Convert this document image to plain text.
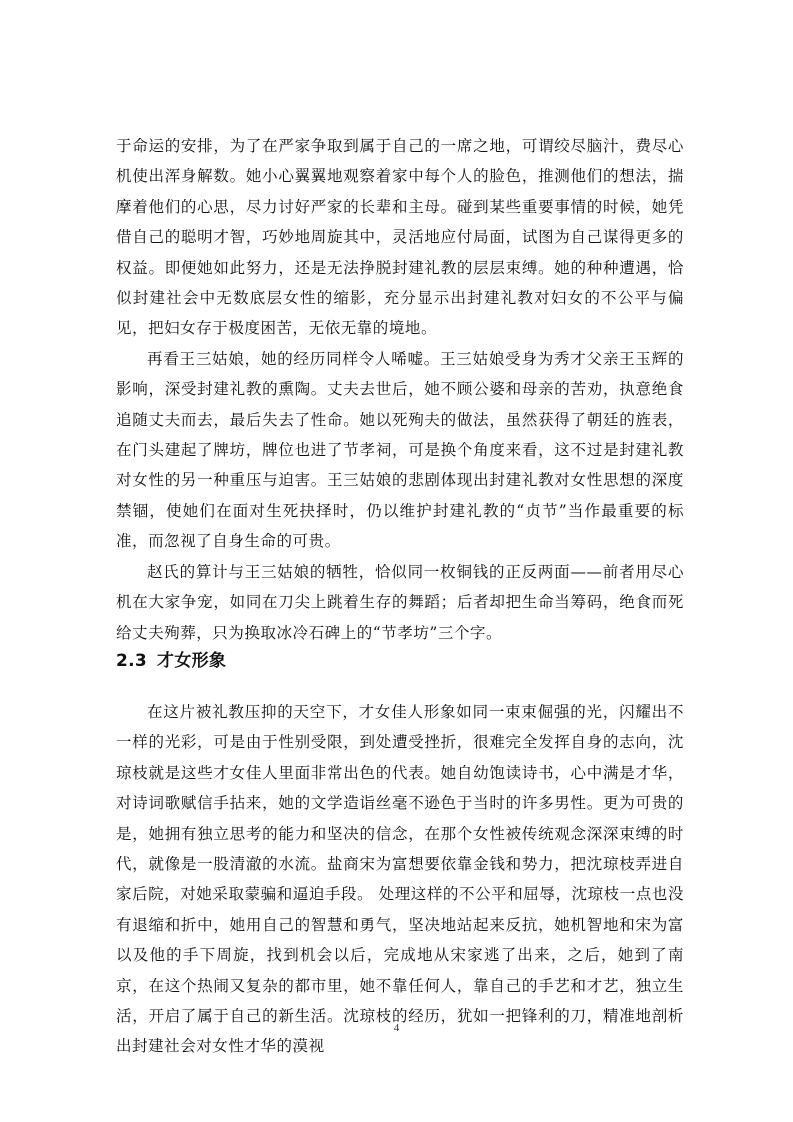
于命运的安排，为了在严家争取到属于自己的一席之地，可谓绞尽脑汁，费尽心机使出浑身解数。她小心翼翼地观察着家中每个人的脸色，推测他们的想法，揣摩着他们的心思，尽力讨好严家的长辈和主母。碰到某些重要事情的时候，她凭借自己的聪明才智，巧妙地周旋其中，灵活地应付局面，试图为自己谋得更多的权益。即便她如此努力，还是无法挣脱封建礼教的层层束缚。她的种种遭遇，恰似封建社会中无数底层女性的缩影，充分显示出封建礼教对妇女的不公平与偏见，把妇女存于极度困苦，无依无靠的境地。

再看王三姑娘，她的经历同样令人唏嘘。王三姑娘受身为秀才父亲王玉辉的影响，深受封建礼教的熏陶。丈夫去世后，她不顾公婆和母亲的苦劝，执意绝食追随丈夫而去，最后失去了性命。她以死殉夫的做法，虽然获得了朝廷的旌表，在门头建起了牌坊，牌位也进了节孝祠，可是换个角度来看，这不过是封建礼教对女性的另一种重压与迫害。王三姑娘的悲剧体现出封建礼教对女性思想的深度禁锢，使她们在面对生死抉择时，仍以维护封建礼教的“贞节”当作最重要的标准，而忽视了自身生命的可贵。

赵氏的算计与王三姑娘的牺牲，恰似同一枚铜钱的正反两面——前者用尽心机在大家争宠，如同在刀尖上跳着生存的舞蹈；后者却把生命当筹码，绝食而死给丈夫殉葬，只为换取冰冷石碑上的“节孝坊”三个字。

2.3 才女形象

在这片被礼教压抑的天空下，才女佳人形象如同一束束倔强的光，闪耀出不一样的光彩，可是由于性别受限，到处遭受挫折，很难完全发挥自身的志向，沈琼枝就是这些才女佳人里面非常出色的代表。她自幼饱读诗书，心中满是才华，对诗词歌赋信手拈来，她的文学造诣丝毫不逊色于当时的许多男性。更为可贵的是，她拥有独立思考的能力和坚决的信念，在那个女性被传统观念深深束缚的时代，就像是一股清澈的水流。盐商宋为富想要依靠金钱和势力，把沈琼枝弄进自家后院，对她采取蒙骗和逼迫手段。 处理这样的不公平和屈辱，沈琼枝一点也没有退缩和折中，她用自己的智慧和勇气，坚决地站起来反抗，她机智地和宋为富以及他的手下周旋，找到机会以后，完成地从宋家逃了出来，之后，她到了南京，在这个热闹又复杂的都市里，她不靠任何人，靠自己的手艺和才艺，独立生活，开启了属于自己的新生活。沈琼枝的经历，犹如一把锋利的刀，精准地剖析出封建社会对女性才华的漠视

4
